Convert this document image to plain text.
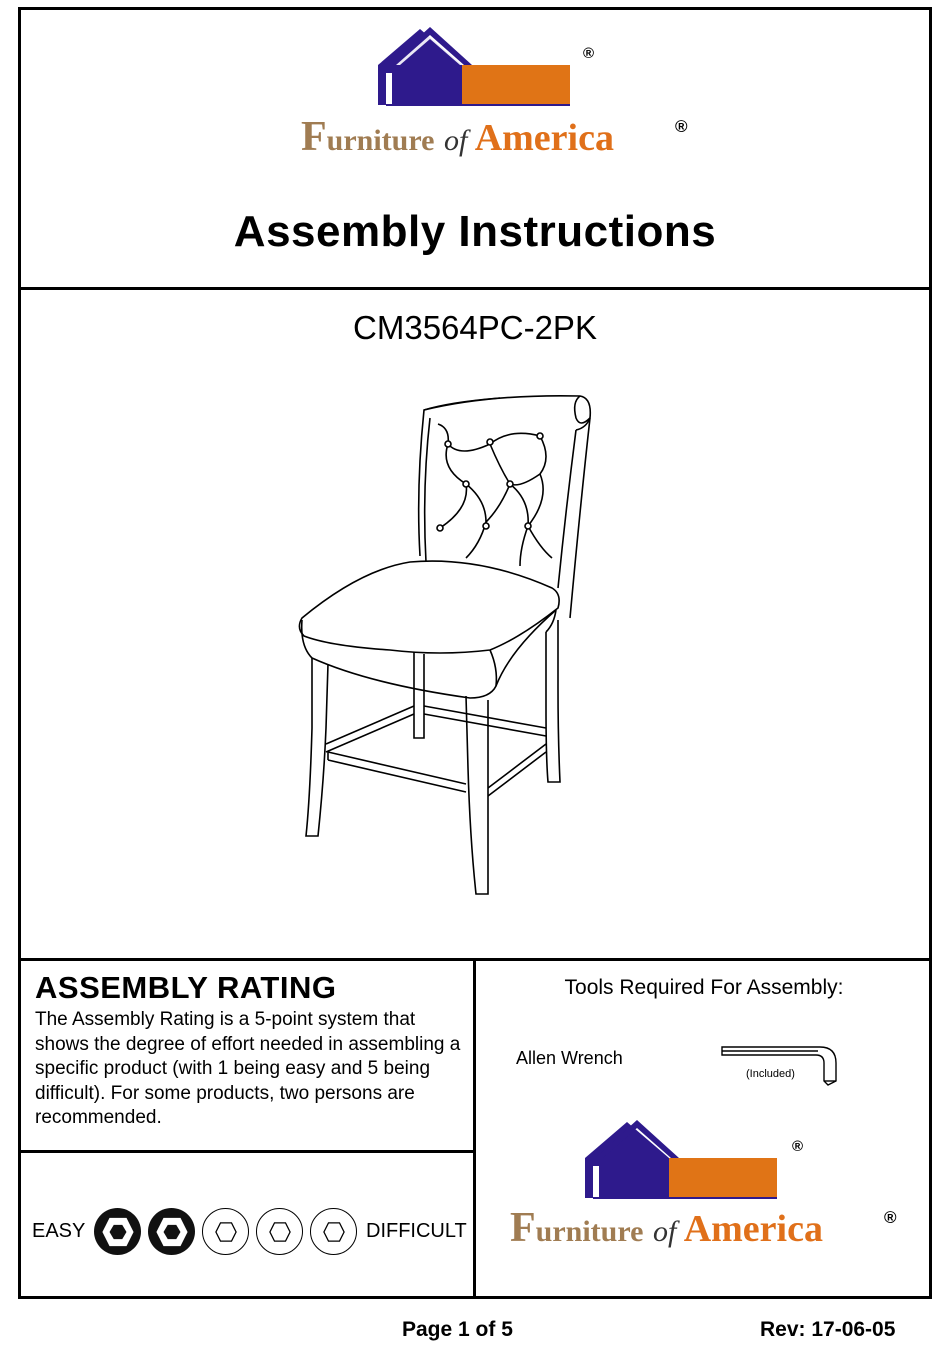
®
Furniture of America	®
Assembly Instructions
CM3564PC-2PK
ASSEMBLY RATING
The Assembly Rating is a 5-point system that shows the degree of effort needed in assembling a specific product (with 1 being easy and 5 being difficult). For some products, two persons are recommended.
EASY	DIFFICULT
Tools Required For Assembly:
Allen Wrench
(Included)
®
Furniture of America	®
Page 1 of 5	Rev: 17-06-05
